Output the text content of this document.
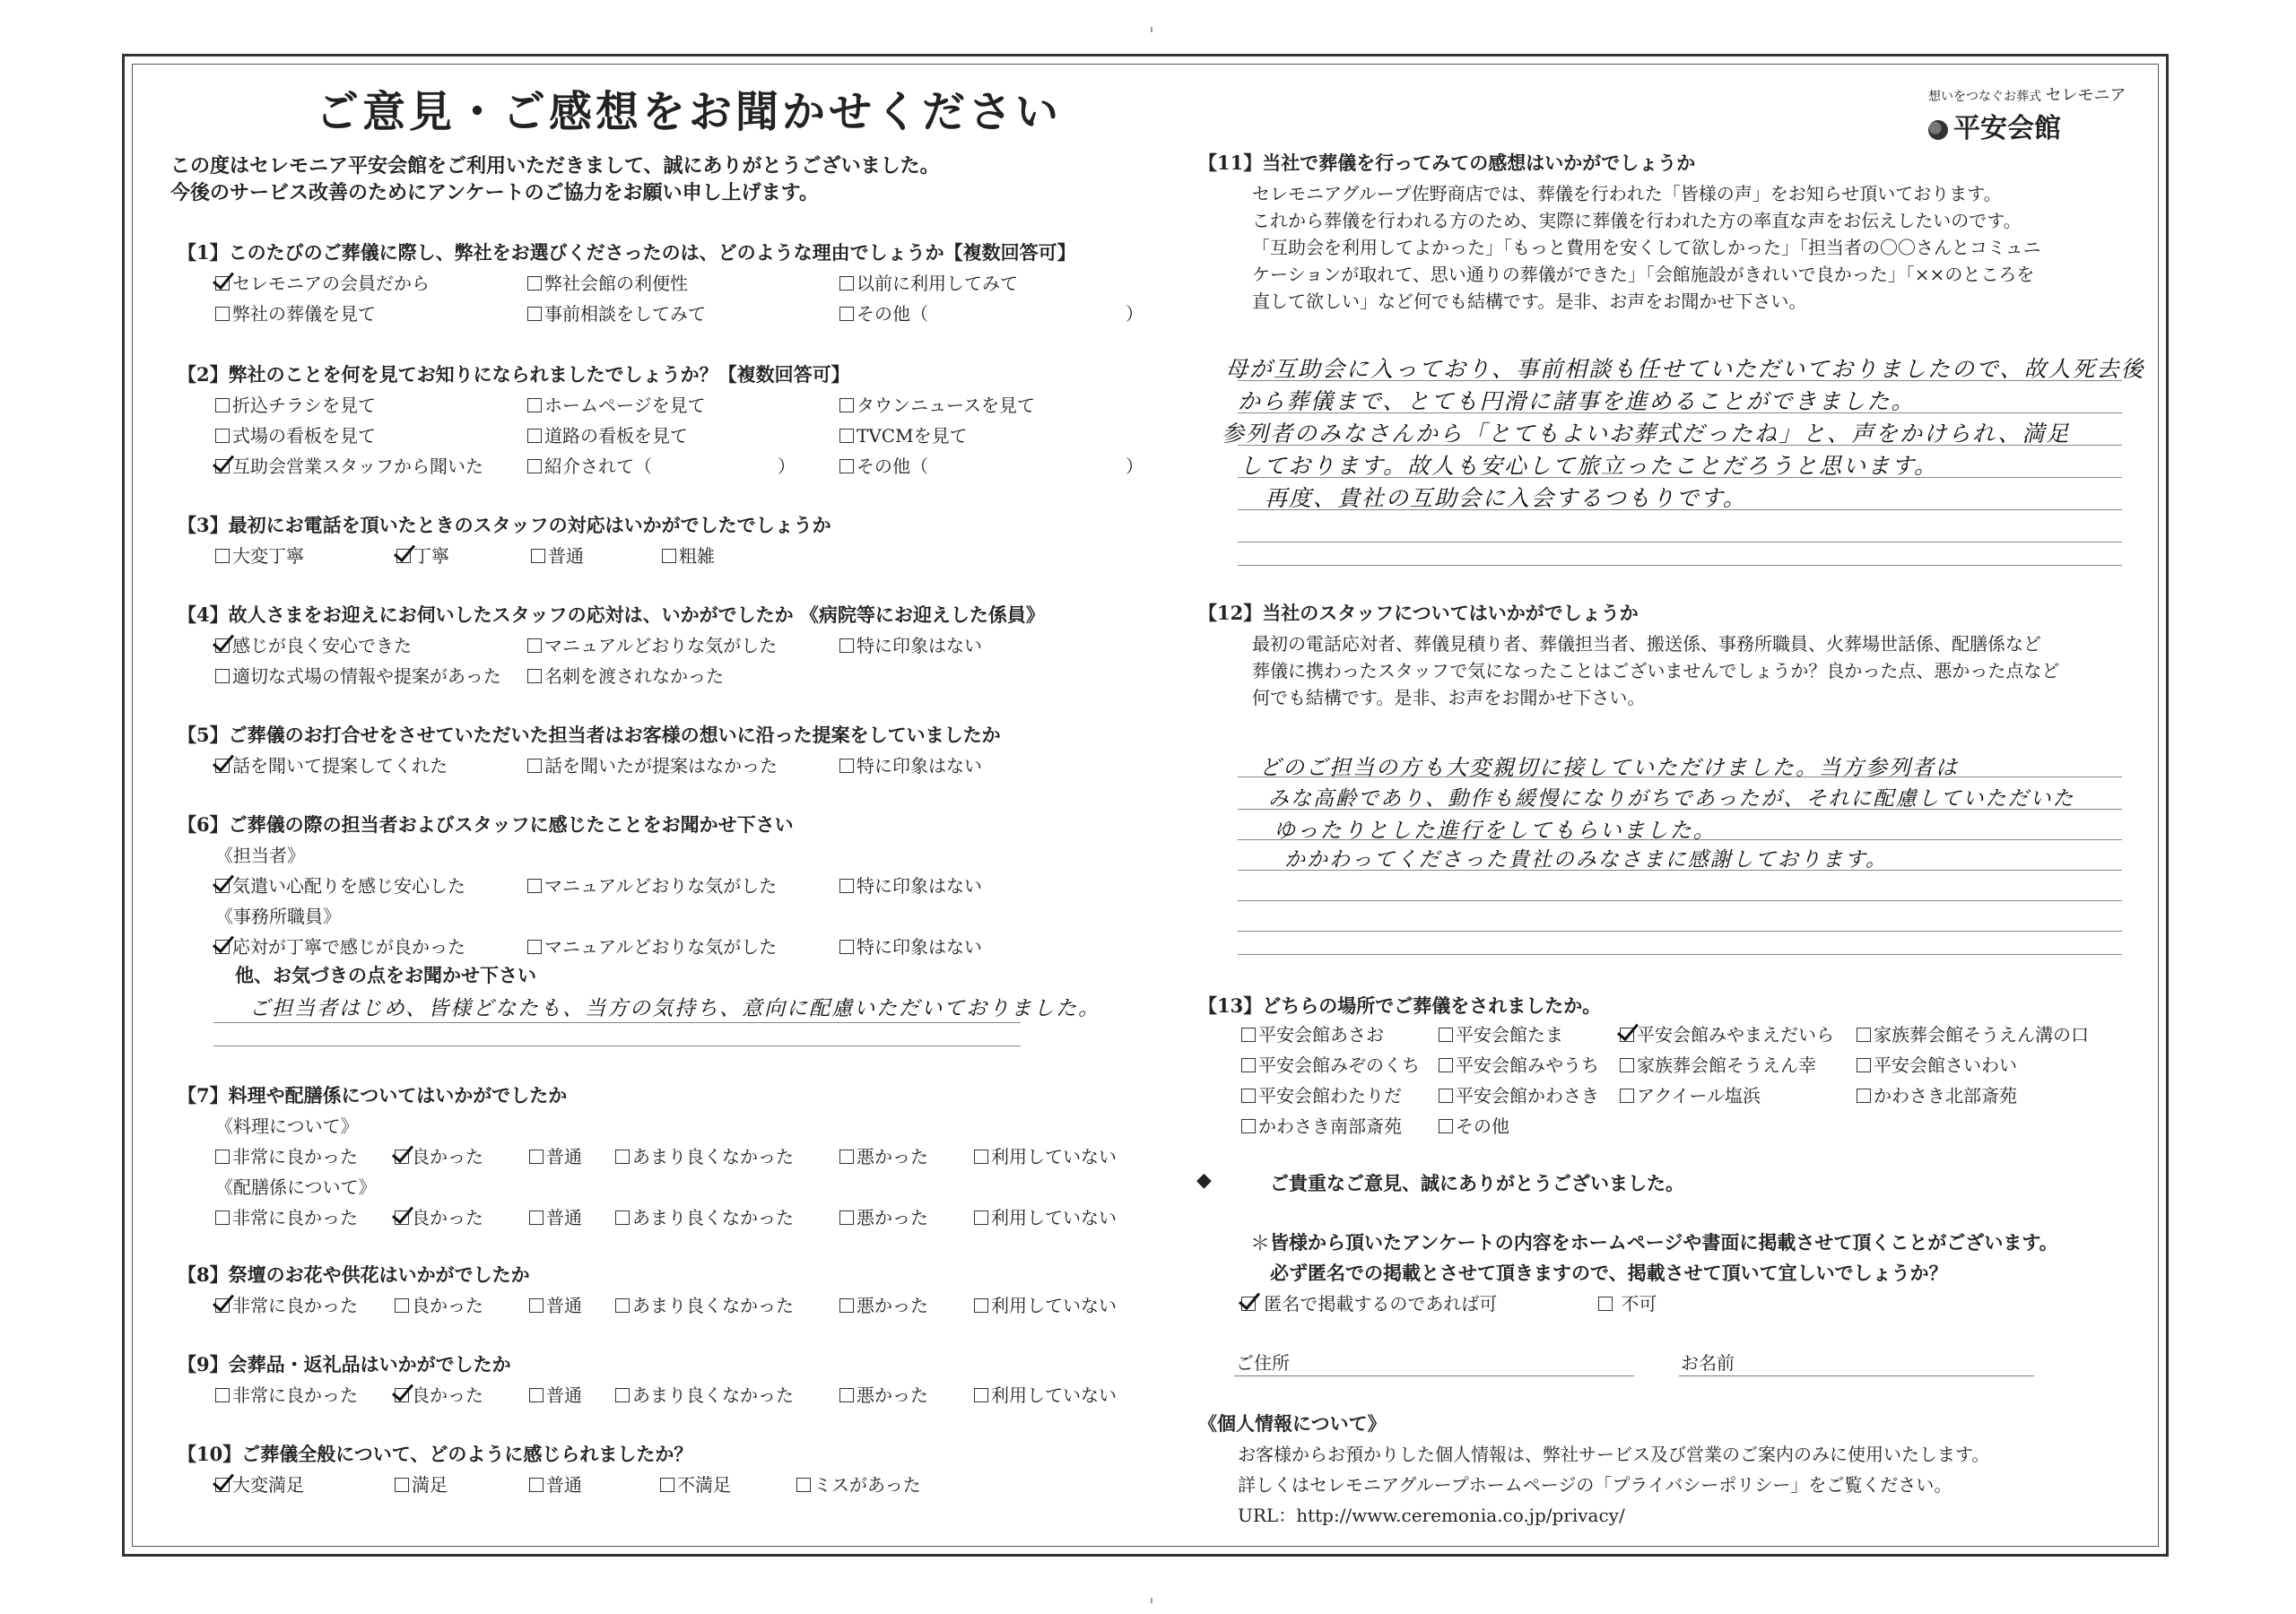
ご意見・ご感想をお聞かせください
この度はセレモニア平安会館をご利用いただきまして、誠にありがとうございました。
今後のサービス改善のためにアンケートのご協力をお願い申し上げます。
【1】このたびのご葬儀に際し、弊社をお選びくださったのは、どのような理由でしょうか【複数回答可】
セレモニアの会員だから	弊社会館の利便性	以前に利用してみて
弊社の葬儀を見て	事前相談をしてみて	その他（　　　　　　　　　　　）
【2】弊社のことを何を見てお知りになられましたでしょうか？【複数回答可】
折込チラシを見て	ホームページを見て	タウンニュースを見て
式場の看板を見て	道路の看板を見て	TVCMを見て
互助会営業スタッフから聞いた	紹介されて（　　　　　　　）	その他（　　　　　　　　　　　）
【3】最初にお電話を頂いたときのスタッフの対応はいかがでしたでしょうか
大変丁寧	丁寧	普通	粗雑
【4】故人さまをお迎えにお伺いしたスタッフの応対は、いかがでしたか 《病院等にお迎えした係員》
感じが良く安心できた	マニュアルどおりな気がした	特に印象はない
適切な式場の情報や提案があった	名刺を渡されなかった
【5】ご葬儀のお打合せをさせていただいた担当者はお客様の想いに沿った提案をしていましたか
話を聞いて提案してくれた	話を聞いたが提案はなかった	特に印象はない
【6】ご葬儀の際の担当者およびスタッフに感じたことをお聞かせ下さい
《担当者》
気遣い心配りを感じ安心した	マニュアルどおりな気がした	特に印象はない
《事務所職員》
応対が丁寧で感じが良かった	マニュアルどおりな気がした	特に印象はない
他、お気づきの点をお聞かせ下さい
ご担当者はじめ、皆様どなたも、当方の気持ち、意向に配慮いただいておりました。
【7】料理や配膳係についてはいかがでしたか
《料理について》
非常に良かった	良かった	普通	あまり良くなかった	悪かった	利用していない
《配膳係について》
非常に良かった	良かった	普通	あまり良くなかった	悪かった	利用していない
【8】祭壇のお花や供花はいかがでしたか
非常に良かった	良かった	普通	あまり良くなかった	悪かった	利用していない
【9】会葬品・返礼品はいかがでしたか
非常に良かった	良かった	普通	あまり良くなかった	悪かった	利用していない
【10】ご葬儀全般について、どのように感じられましたか？
大変満足	満足	普通	不満足	ミスがあった
想いをつなぐお葬式 セレモニア
平安会館
【11】当社で葬儀を行ってみての感想はいかがでしょうか
セレモニアグループ佐野商店では、葬儀を行われた「皆様の声」をお知らせ頂いております。
これから葬儀を行われる方のため、実際に葬儀を行われた方の率直な声をお伝えしたいのです。
「互助会を利用してよかった」「もっと費用を安くして欲しかった」「担当者の〇〇さんとコミュニ
ケーションが取れて、思い通りの葬儀ができた」「会館施設がきれいで良かった」「××のところを
直して欲しい」など何でも結構です。是非、お声をお聞かせ下さい。
母が互助会に入っており、事前相談も任せていただいておりましたので、故人死去後
から葬儀まで、とても円滑に諸事を進めることができました。
参列者のみなさんから「とてもよいお葬式だったね」と、声をかけられ、満足
しております。故人も安心して旅立ったことだろうと思います。
再度、貴社の互助会に入会するつもりです。
【12】当社のスタッフについてはいかがでしょうか
最初の電話応対者、葬儀見積り者、葬儀担当者、搬送係、事務所職員、火葬場世話係、配膳係など
葬儀に携わったスタッフで気になったことはございませんでしょうか？良かった点、悪かった点など
何でも結構です。是非、お声をお聞かせ下さい。
どのご担当の方も大変親切に接していただけました。当方参列者は
みな高齢であり、動作も緩慢になりがちであったが、それに配慮していただいた
ゆったりとした進行をしてもらいました。
かかわってくださった貴社のみなさまに感謝しております。
【13】どちらの場所でご葬儀をされましたか。
平安会館あさお	平安会館たま	平安会館みやまえだいら	家族葬会館そうえん溝の口
平安会館みぞのくち	平安会館みやうち	家族葬会館そうえん幸	平安会館さいわい
平安会館わたりだ	平安会館かわさき	アクイール塩浜	かわさき北部斎苑
かわさき南部斎苑	その他
◆	ご貴重なご意見、誠にありがとうございました。
＊ 皆様から頂いたアンケートの内容をホームページや書面に掲載させて頂くことがございます。
必ず匿名での掲載とさせて頂きますので、掲載させて頂いて宜しいでしょうか？
匿名で掲載するのであれば可	不可
ご住所	お名前
《個人情報について》
お客様からお預かりした個人情報は、弊社サービス及び営業のご案内のみに使用いたします。
詳しくはセレモニアグループホームページの「プライバシーポリシー」をご覧ください。
URL：http://www.ceremonia.co.jp/privacy/
